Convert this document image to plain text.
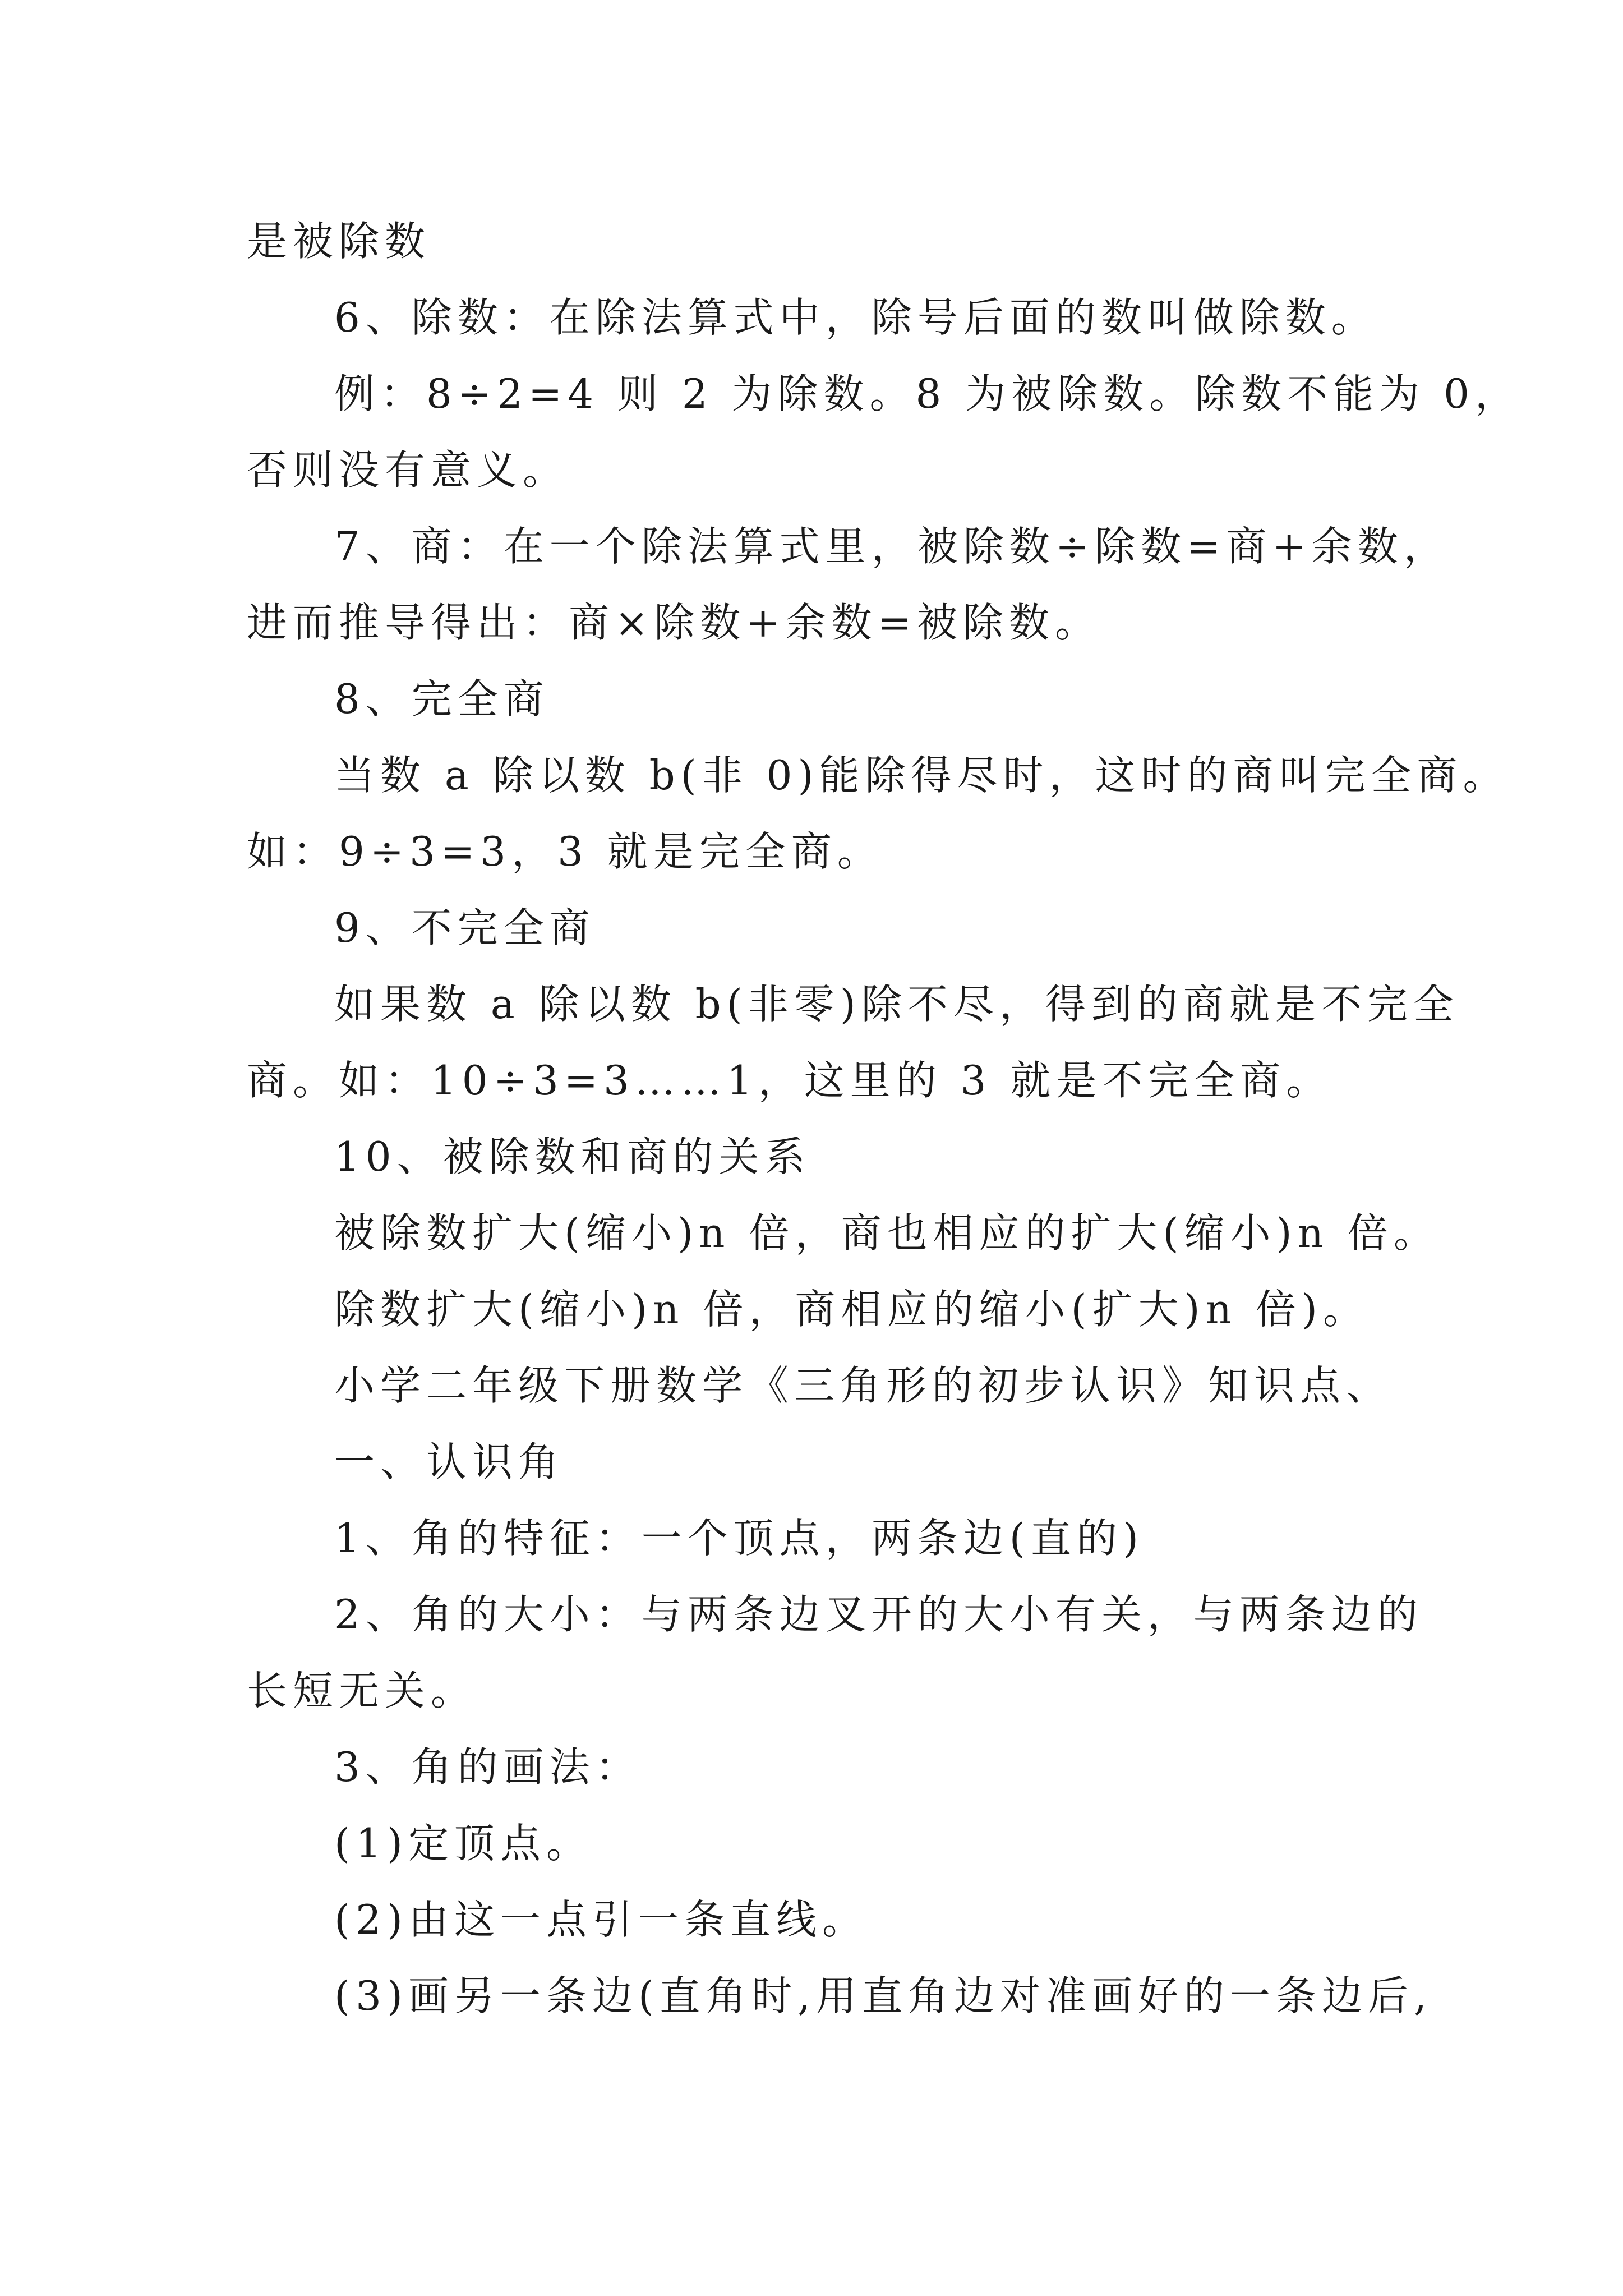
是被除数
6、除数：在除法算式中，除号后面的数叫做除数。
例：8÷2=4 则 2 为除数。8 为被除数。除数不能为 0，
否则没有意义。
7、商：在一个除法算式里，被除数÷除数=商+余数，
进而推导得出：商×除数+余数=被除数。
8、完全商
当数 a 除以数 b(非 0)能除得尽时，这时的商叫完全商。
如：9÷3=3，3 就是完全商。
9、不完全商
如果数 a 除以数 b(非零)除不尽，得到的商就是不完全
商。如：10÷3=3……1，这里的 3 就是不完全商。
10、被除数和商的关系
被除数扩大(缩小)n 倍，商也相应的扩大(缩小)n 倍。
除数扩大(缩小)n 倍，商相应的缩小(扩大)n 倍)。
小学二年级下册数学《三角形的初步认识》知识点、
一、认识角
1、角的特征：一个顶点，两条边(直的)
2、角的大小：与两条边叉开的大小有关，与两条边的
长短无关。
3、角的画法：
(1)定顶点。
(2)由这一点引一条直线。
(3)画另一条边(直角时,用直角边对准画好的一条边后,
